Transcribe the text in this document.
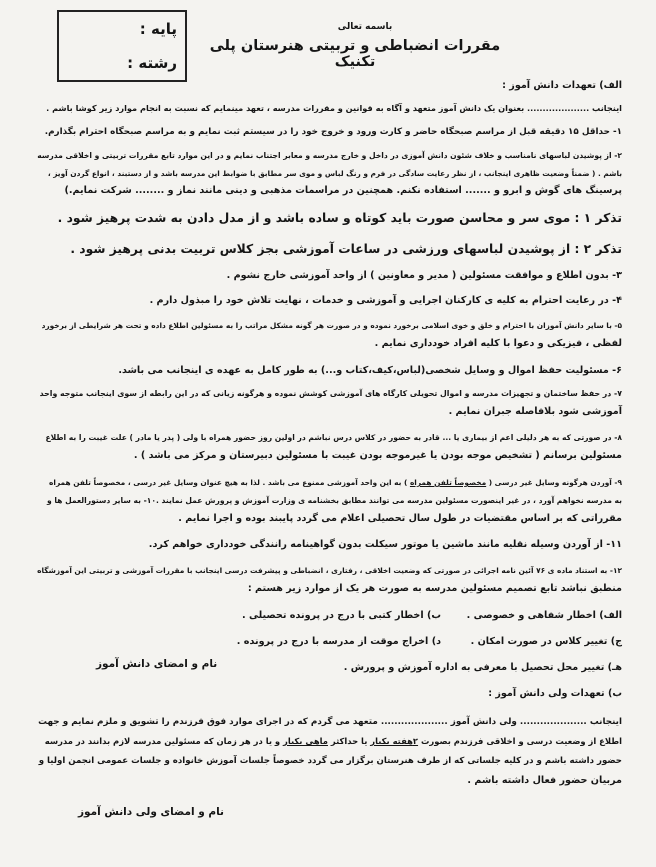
پایه :
رشته :
باسمه تعالی
مقررات انضباطی و تربیتی هنرستان پلی تکنیک
الف) تعهدات دانش آموز :
اینجانب .................... بعنوان یک دانش آموز متعهد و آگاه به قوانین و مقررات مدرسه ، تعهد مینمایم که نسبت به انجام موارد زیر کوشا باشم .
۱- حداقل ۱۵ دقیقه قبل از مراسم صبحگاه حاضر و کارت ورود و خروج خود را در سیستم ثبت نمایم و به مراسم صبحگاه احترام بگذارم.
۲- از پوشیدن لباسهای نامناسب و خلاف شئون دانش آموزی در داخل و خارج مدرسه و معابر اجتناب نمایم و در این موارد تابع مقررات تربیتی و اخلاقی مدرسه
باشم . ( ضمناً وضعیت ظاهری اینجانب ، از نظر رعایت سادگی در فرم و رنگ لباس و موی سر مطابق با ضوابط این مدرسه باشد و از دستبند ، انواع گردن آویز ،
پرسینگ های گوش و ابرو و ....... استفاده نکنم. همچنین در مراسمات مذهبی و دینی مانند نماز و ........ شرکت نمایم.)
تذکر ۱ : موی سر و محاسن صورت باید کوتاه و ساده باشد و از مدل دادن به شدت پرهیز شود .
تذکر ۲ : از پوشیدن لباسهای ورزشی در ساعات آموزشی بجز کلاس تربیت بدنی پرهیز شود .
۳- بدون اطلاع و موافقت مسئولین ( مدیر و معاونین ) از واحد آموزشی خارج نشوم .
۴- در رعایت احترام به کلیه ی کارکنان اجرایی و آموزشی و خدمات ، نهایت تلاش خود را مبذول دارم .
۵- با سایر دانش آموزان با احترام و خلق و خوی اسلامی برخورد نموده و در صورت هر گونه مشکل مراتب را به مسئولین اطلاع داده و تحت هر شرایطی از برخورد
لفظی ، فیزیکی و دعوا با کلیه افراد خودداری نمایم .
۶- مسئولیت حفظ اموال و وسایل شخصی(لباس،کیف،کتاب و...) به طور کامل به عهده ی اینجانب می باشد.
۷- در حفظ ساختمان و تجهیزات مدرسه و اموال تحویلی کارگاه های آموزشی کوشش نموده و هرگونه زیانی که در این رابطه از سوی اینجانب متوجه واحد
آموزشی شود بلافاصله جبران نمایم .
۸- در صورتی که به هر دلیلی اعم از بیماری یا ... قادر به حضور در کلاس درس نباشم در اولین روز حضور همراه با ولی ( پدر یا مادر ) علت غیبت را به اطلاع
مسئولین برسانم ( تشخیص موجه بودن یا غیرموجه بودن غیبت با مسئولین دبیرستان و مرکز می باشد ) .
۹- آوردن هرگونه وسایل غیر درسی ( مخصوصاً تلفن همراه ) به این واحد آموزشی ممنوع می باشد . لذا به هیچ عنوان وسایل غیر درسی ، مخصوصاً تلفن همراه
به مدرسه نخواهم آورد ، در غیر اینصورت مسئولین مدرسه می توانند مطابق بخشنامه ی وزارت آموزش و پرورش عمل نمایند .۱۰- به سایر دستورالعمل ها و
مقرراتی که بر اساس مقتضیات در طول سال تحصیلی اعلام می گردد پایبند بوده و اجرا نمایم .
۱۱- از آوردن وسیله نقلیه مانند ماشین یا موتور سیکلت بدون گواهینامه رانندگی خودداری خواهم کرد.
۱۲- به استناد ماده ی ۷۶ آئین نامه اجرائی در صورتی که وضعیت اخلاقی ، رفتاری ، انضباطی و پیشرفت درسی اینجانب با مقررات آموزشی و تربیتی این آموزشگاه
منطبق نباشد تابع تصمیم مسئولین مدرسه به صورت هر یک از موارد زیر هستم :
الف) اخطار شفاهی و خصوصی .
ب) اخطار کتبی با درج در پرونده تحصیلی .
ج) تغییر کلاس در صورت امکان .
د) اخراج موقت از مدرسه با درج در پرونده .
هـ) تغییر محل تحصیل با معرفی به اداره آموزش و پرورش .
نام و امضای دانش آموز
ب) تعهدات ولی دانش آموز :
اینجانب .................... ولی دانش آموز .................... متعهد می گردم که در اجرای موارد فوق فرزندم را تشویق و ملزم نمایم و جهت
اطلاع از وضعیت درسی و اخلاقی فرزندم بصورت ۲هفته یکبار یا حداکثر ماهی یکبار و یا در هر زمان که مسئولین مدرسه لازم بدانند در مدرسه
حضور داشته باشم و در کلیه جلساتی که از طرف هنرستان برگزار می گردد خصوصاً جلسات آموزش خانواده و جلسات عمومی انجمن اولیا و
مربیان حضور فعال داشته باشم .
نام و امضای ولی دانش آموز
